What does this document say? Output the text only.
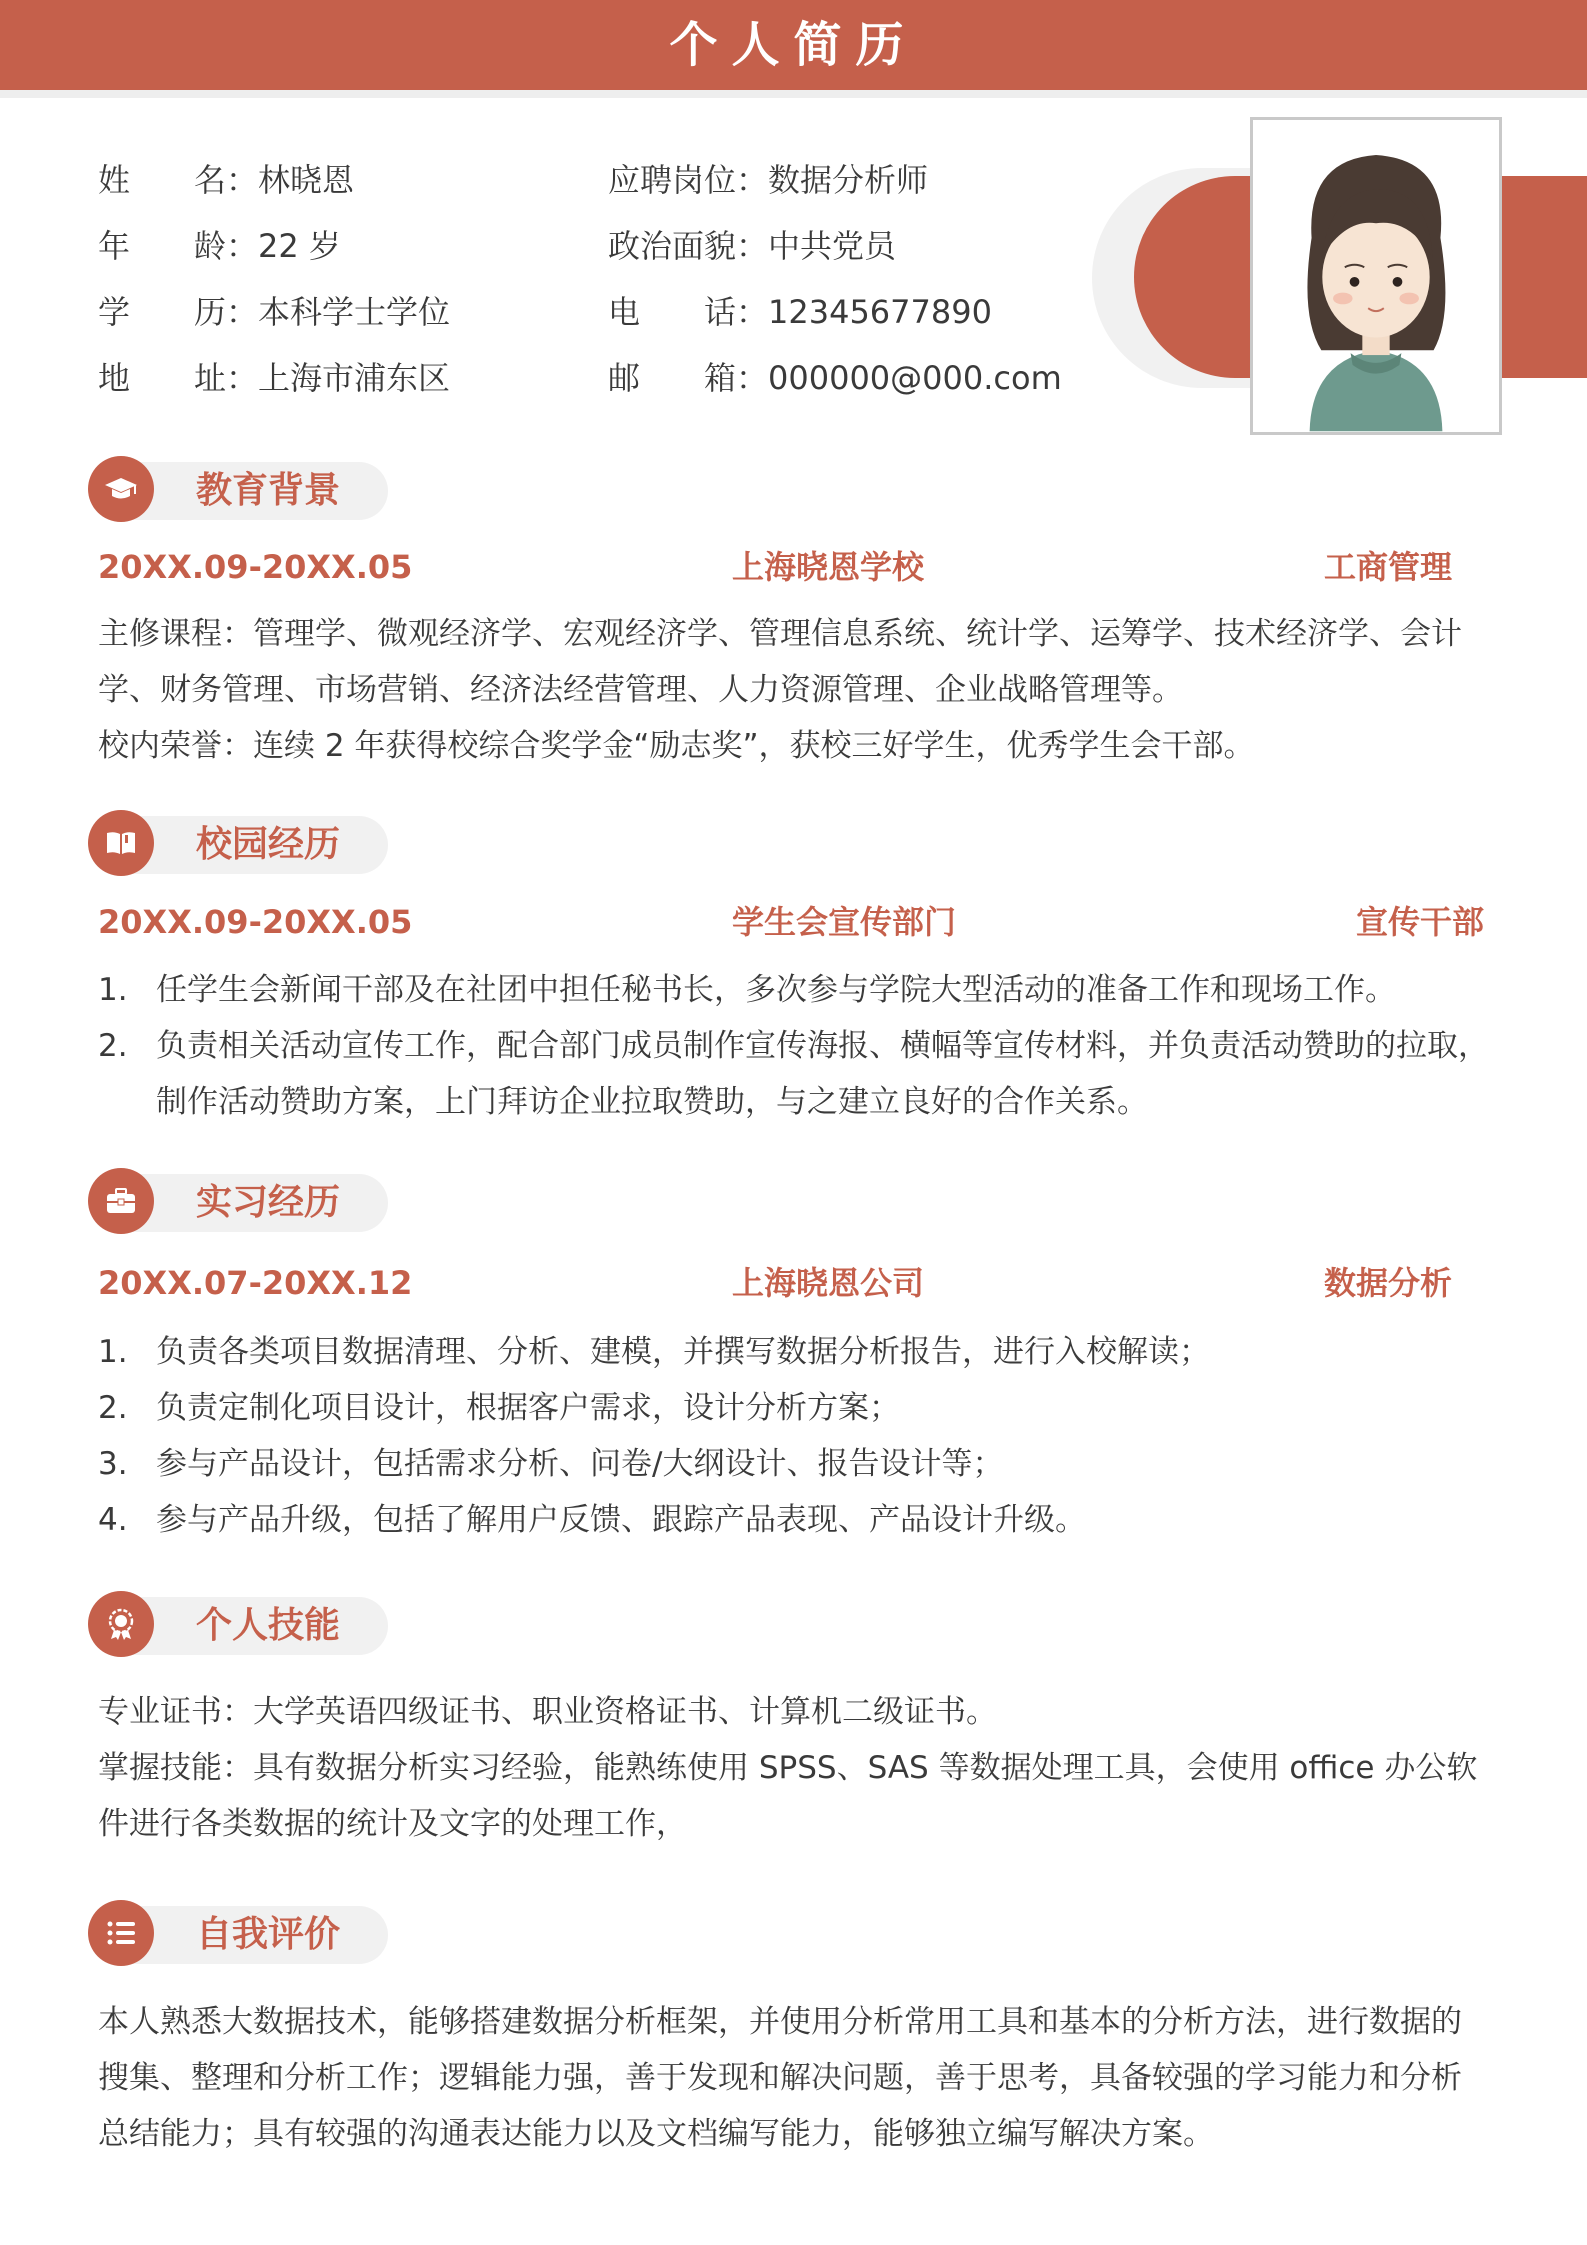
个人简历
姓　　名：林晓恩	应聘岗位：数据分析师
年　　龄：22 岁	政治面貌：中共党员
学　　历：本科学士学位	电　　话：12345677890
地　　址：上海市浦东区	邮　　箱：000000@000.com
教育背景
20XX.09-20XX.05	上海晓恩学校	工商管理

主修课程：管理学、微观经济学、宏观经济学、管理信息系统、统计学、运筹学、技术经济学、会计学、财务管理、市场营销、经济法经营管理、人力资源管理、企业战略管理等。

校内荣誉：连续 2 年获得校综合奖学金“励志奖”，获校三好学生，优秀学生会干部。

校园经历
20XX.09-20XX.05	学生会宣传部门	宣传干部
1. 任学生会新闻干部及在社团中担任秘书长，多次参与学院大型活动的准备工作和现场工作。
2. 负责相关活动宣传工作，配合部门成员制作宣传海报、横幅等宣传材料，并负责活动赞助的拉取，制作活动赞助方案，上门拜访企业拉取赞助，与之建立良好的合作关系。
实习经历
20XX.07-20XX.12	上海晓恩公司	数据分析
1. 负责各类项目数据清理、分析、建模，并撰写数据分析报告，进行入校解读；
2. 负责定制化项目设计，根据客户需求，设计分析方案；
3. 参与产品设计，包括需求分析、问卷/大纲设计、报告设计等；
4. 参与产品升级，包括了解用户反馈、跟踪产品表现、产品设计升级。
个人技能

专业证书：大学英语四级证书、职业资格证书、计算机二级证书。

掌握技能：具有数据分析实习经验，能熟练使用 SPSS、SAS 等数据处理工具，会使用 office 办公软件进行各类数据的统计及文字的处理工作，

自我评价

本人熟悉大数据技术，能够搭建数据分析框架，并使用分析常用工具和基本的分析方法，进行数据的搜集、整理和分析工作；逻辑能力强，善于发现和解决问题，善于思考，具备较强的学习能力和分析总结能力；具有较强的沟通表达能力以及文档编写能力，能够独立编写解决方案。
